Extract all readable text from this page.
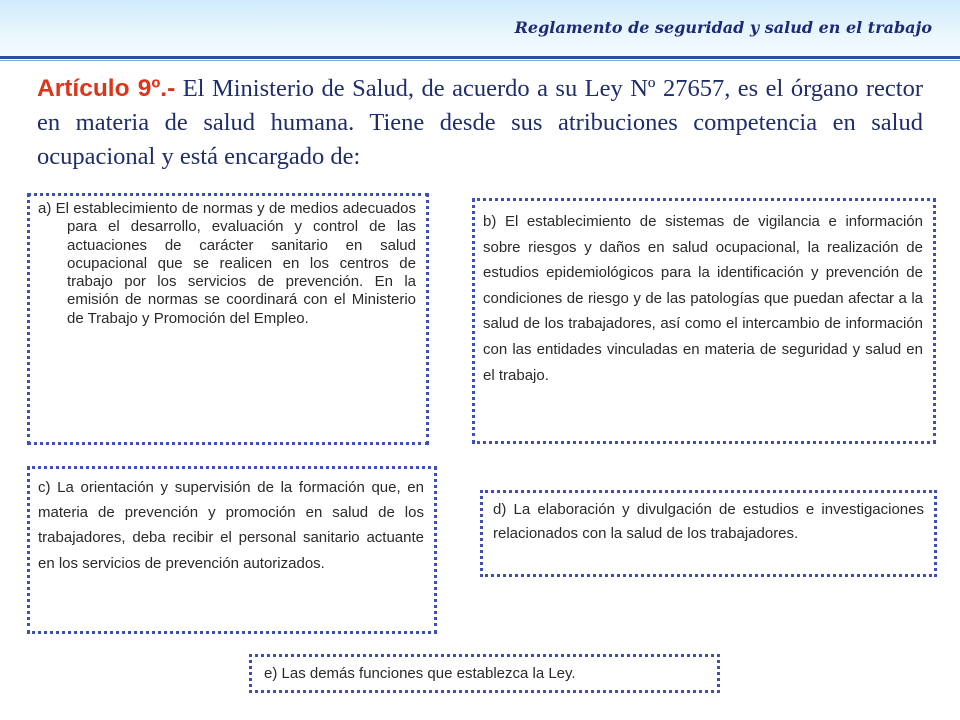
Reglamento de seguridad y salud en el trabajo

Artículo 9º.- El Ministerio de Salud, de acuerdo a su Ley Nº 27657, es el órgano rector en materia de salud humana. Tiene desde sus atribuciones competencia en salud ocupacional y está encargado de:

a) El establecimiento de normas y de medios adecuados para el desarrollo, evaluación y control de las actuaciones de carácter sanitario en salud ocupacional que se realicen en los centros de trabajo por los servicios de prevención. En la emisión de normas se coordinará con el Ministerio de Trabajo y Promoción del Empleo.
b) El establecimiento de sistemas de vigilancia e información sobre riesgos y daños en salud ocupacional, la realización de estudios epidemiológicos para la identificación y prevención de condiciones de riesgo y de las patologías que puedan afectar a la salud de los trabajadores, así como el intercambio de información con las entidades vinculadas en materia de seguridad y salud en el trabajo.
c) La orientación y supervisión de la formación que, en materia de prevención y promoción en salud de los trabajadores, deba recibir el personal sanitario actuante en los servicios de prevención autorizados.
d) La elaboración y divulgación de estudios e investigaciones relacionados con la salud de los trabajadores.
e) Las demás funciones que establezca la Ley.
